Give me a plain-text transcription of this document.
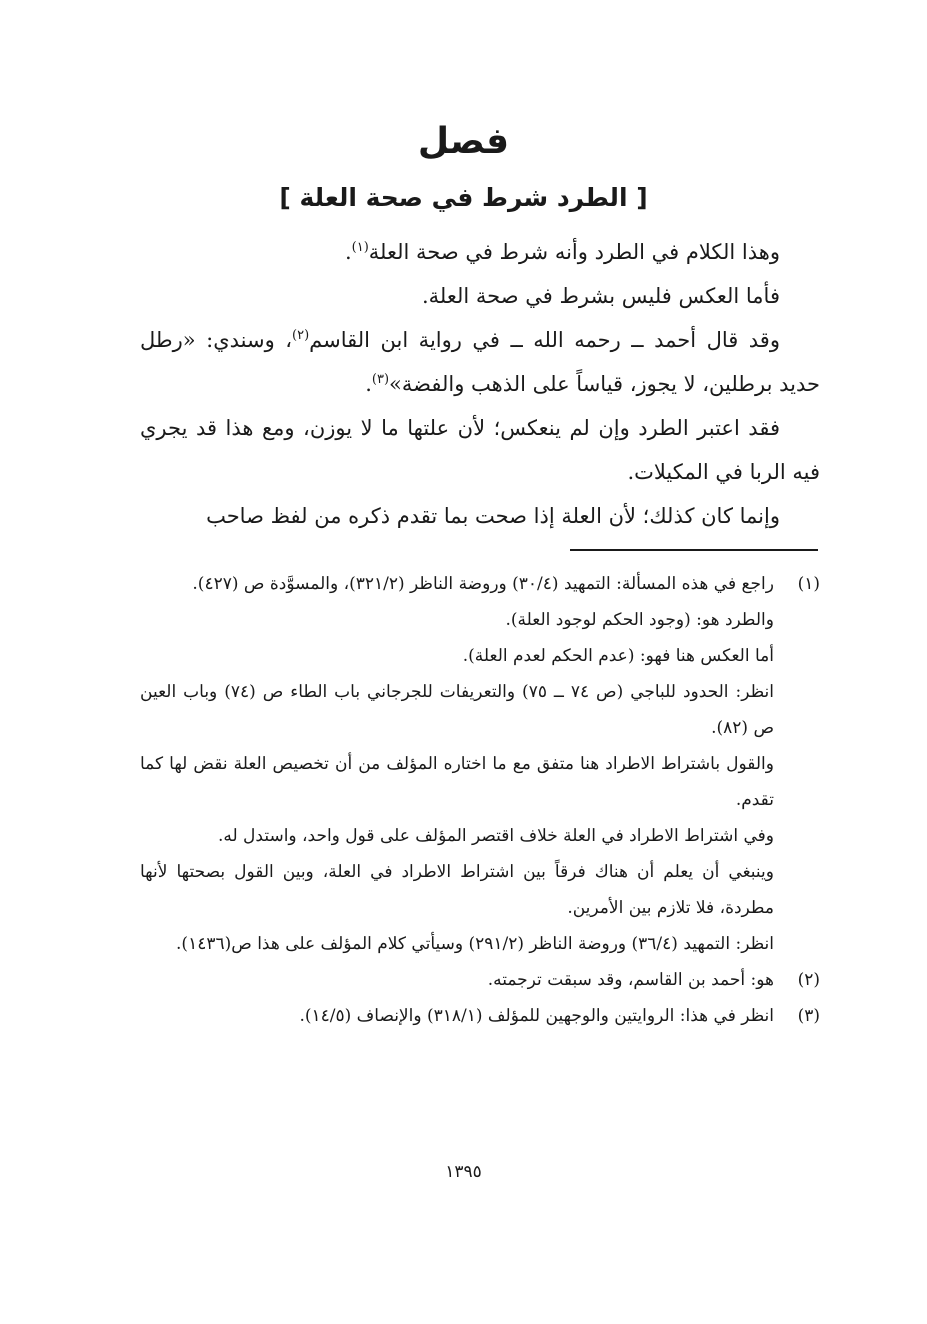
فصل
[ الطرد شرط في صحة العلة ]

وهذا الكلام في الطرد وأنه شرط في صحة العلة$^{(١)}$.

فأما العكس فليس بشرط في صحة العلة.

وقد قال أحمد ــ رحمه الله ــ في رواية ابن القاسم$^{(٢)}$، وسندي: «رطل حديد برطلين، لا يجوز، قياساً على الذهب والفضة»$^{(٣)}$.

فقد اعتبر الطرد وإن لم ينعكس؛ لأن علتها ما لا يوزن، ومع هذا قد يجري فيه الربا في المكيلات.

وإنما كان كذلك؛ لأن العلة إذا صحت بما تقدم ذكره من لفظ صاحب

(١)

راجع في هذه المسألة: التمهيد (٣٠/٤) وروضة الناظر (٣٢١/٢)، والمسوَّدة ص (٤٢٧).

والطرد هو: (وجود الحكم لوجود العلة).

أما العكس هنا فهو: (عدم الحكم لعدم العلة).

انظر: الحدود للباجي (ص ٧٤ ــ ٧٥) والتعريفات للجرجاني باب الطاء ص (٧٤) وباب العين ص (٨٢).

والقول باشتراط الاطراد هنا متفق مع ما اختاره المؤلف من أن تخصيص العلة نقض لها كما تقدم.

وفي اشتراط الاطراد في العلة خلاف اقتصر المؤلف على قول واحد، واستدل له.

وينبغي أن يعلم أن هناك فرقاً بين اشتراط الاطراد في العلة، وبين القول بصحتها لأنها مطردة، فلا تلازم بين الأمرين.

انظر: التمهيد (٣٦/٤) وروضة الناظر (٢٩١/٢) وسيأتي كلام المؤلف على هذا ص(١٤٣٦).

(٢)

هو: أحمد بن القاسم، وقد سبقت ترجمته.

(٣)

انظر في هذا: الروايتين والوجهين للمؤلف (٣١٨/١) والإنصاف (١٤/٥).

١٣٩٥
